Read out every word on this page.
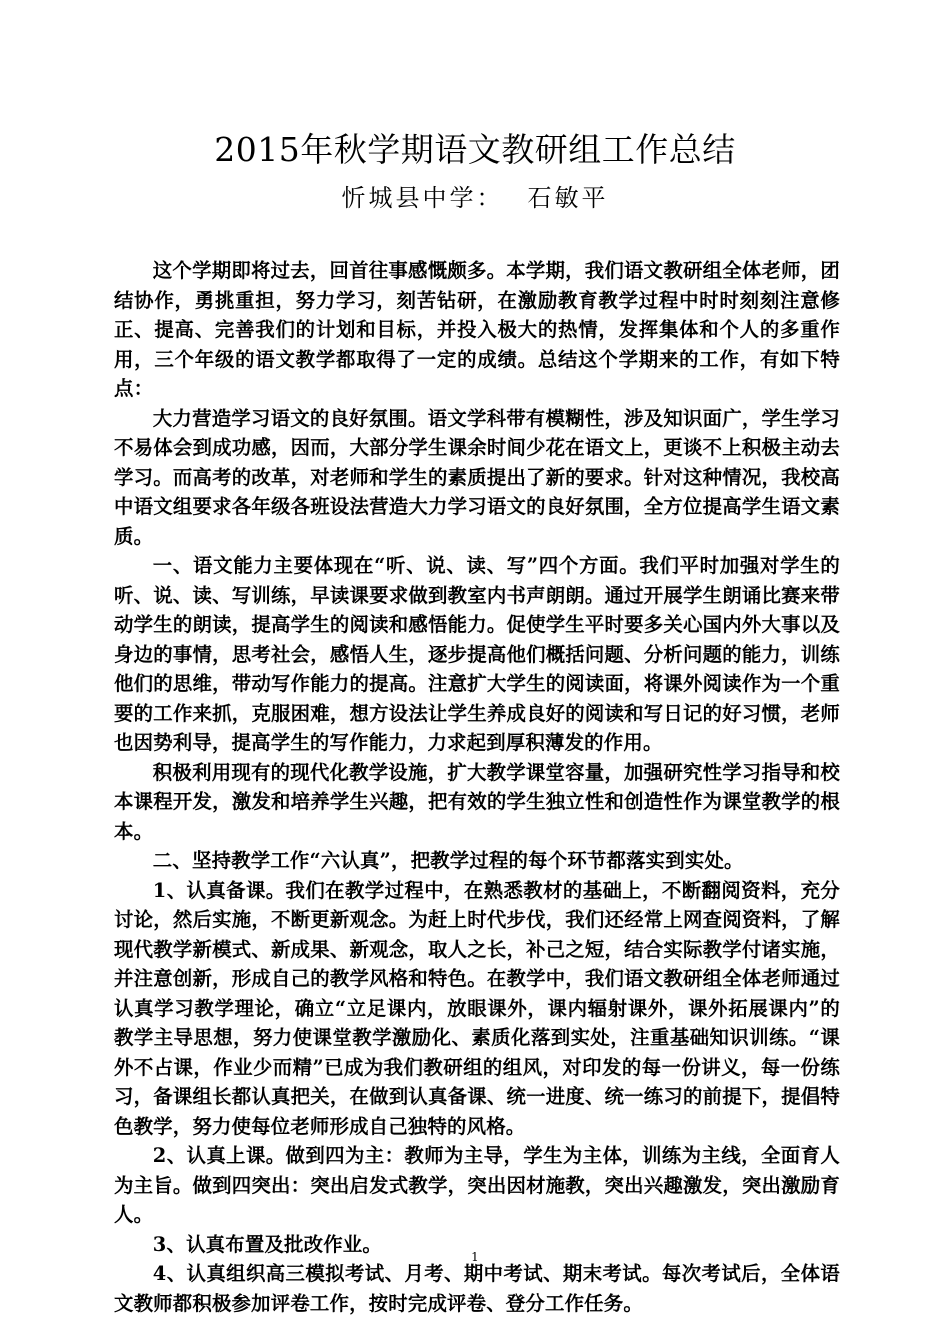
2015年秋学期语文教研组工作总结
忻城县中学： 石敏平

这个学期即将过去，回首往事感慨颇多。本学期，我们语文教研组全体老师，团结协作，勇挑重担，努力学习，刻苦钻研，在激励教育教学过程中时时刻刻注意修正、提高、完善我们的计划和目标，并投入极大的热情，发挥集体和个人的多重作用，三个年级的语文教学都取得了一定的成绩。总结这个学期来的工作，有如下特点：

大力营造学习语文的良好氛围。语文学科带有模糊性，涉及知识面广，学生学习不易体会到成功感，因而，大部分学生课余时间少花在语文上，更谈不上积极主动去学习。而高考的改革，对老师和学生的素质提出了新的要求。针对这种情况，我校高中语文组要求各年级各班设法营造大力学习语文的良好氛围，全方位提高学生语文素质。

一、语文能力主要体现在“听、说、读、写”四个方面。我们平时加强对学生的听、说、读、写训练，早读课要求做到教室内书声朗朗。通过开展学生朗诵比赛来带动学生的朗读，提高学生的阅读和感悟能力。促使学生平时要多关心国内外大事以及身边的事情，思考社会，感悟人生，逐步提高他们概括问题、分析问题的能力，训练他们的思维，带动写作能力的提高。注意扩大学生的阅读面，将课外阅读作为一个重要的工作来抓，克服困难，想方设法让学生养成良好的阅读和写日记的好习惯，老师也因势利导，提高学生的写作能力，力求起到厚积薄发的作用。

积极利用现有的现代化教学设施，扩大教学课堂容量，加强研究性学习指导和校本课程开发，激发和培养学生兴趣，把有效的学生独立性和创造性作为课堂教学的根本。

二、坚持教学工作“六认真”，把教学过程的每个环节都落实到实处。

1、认真备课。我们在教学过程中，在熟悉教材的基础上，不断翻阅资料，充分讨论，然后实施，不断更新观念。为赶上时代步伐，我们还经常上网查阅资料，了解现代教学新模式、新成果、新观念，取人之长，补己之短，结合实际教学付诸实施，并注意创新，形成自己的教学风格和特色。在教学中，我们语文教研组全体老师通过认真学习教学理论，确立“立足课内，放眼课外，课内辐射课外，课外拓展课内”的教学主导思想，努力使课堂教学激励化、素质化落到实处，注重基础知识训练。“课外不占课，作业少而精”已成为我们教研组的组风，对印发的每一份讲义，每一份练习，备课组长都认真把关，在做到认真备课、统一进度、统一练习的前提下，提倡特色教学，努力使每位老师形成自己独特的风格。

2、认真上课。做到四为主：教师为主导，学生为主体，训练为主线，全面育人为主旨。做到四突出：突出启发式教学，突出因材施教，突出兴趣激发，突出激励育人。

3、认真布置及批改作业。

4、认真组织高三模拟考试、月考、期中考试、期末考试。每次考试后，全体语文教师都积极参加评卷工作，按时完成评卷、登分工作任务。

1
